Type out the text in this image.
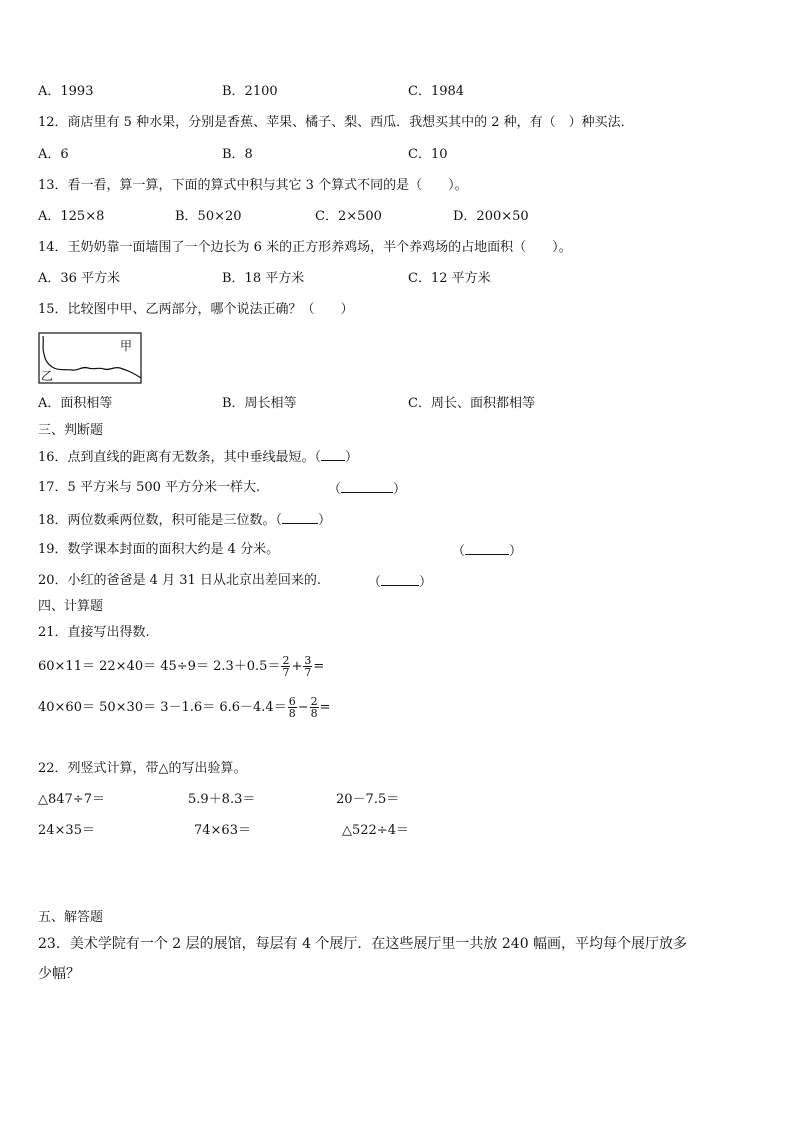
A．1993	B．2100	C．1984
12．商店里有 5 种水果，分别是香蕉、苹果、橘子、梨、西瓜．我想买其中的 2 种，有（　）种买法．
A．6	B．8	C．10
13．看一看，算一算，下面的算式中积与其它 3 个算式不同的是（　　）。
A．125×8	B．50×20	C．2×500	D．200×50
14．王奶奶靠一面墙围了一个边长为 6 米的正方形养鸡场，半个养鸡场的占地面积（　　）。
A．36 平方米	B．18 平方米	C．12 平方米
15．比较图中甲、乙两部分，哪个说法正确？（　　）
甲
乙
A．面积相等	B．周长相等	C．周长、面积都相等
三、判断题
16．点到直线的距离有无数条，其中垂线最短。（ ）
17．5 平方米与 500 平方分米一样大.	（	）
18．两位数乘两位数，积可能是三位数。（	）
19．数学课本封面的面积大约是 4 分米。	（	）
20．小红的爸爸是 4 月 31 日从北京出差回来的.	（	）
四、计算题
21．直接写出得数.
$60\times 11= 22\times 40= 45\div 9= 2.3+0.5= \frac{2}{7} + \frac{3}{7}$ =
$40\times 60= 50\times 30= 3-1.6= 6.6-4.4= \frac{6}{8} - \frac{2}{8}$ =
22．列竖式计算，带△的写出验算。
△847÷7＝	5.9＋8.3＝	20－7.5＝
24×35＝	74×63＝	△522÷4＝
五、解答题
23．美术学院有一个 2 层的展馆，每层有 4 个展厅．在这些展厅里一共放 240 幅画，平均每个展厅放多
少幅？
